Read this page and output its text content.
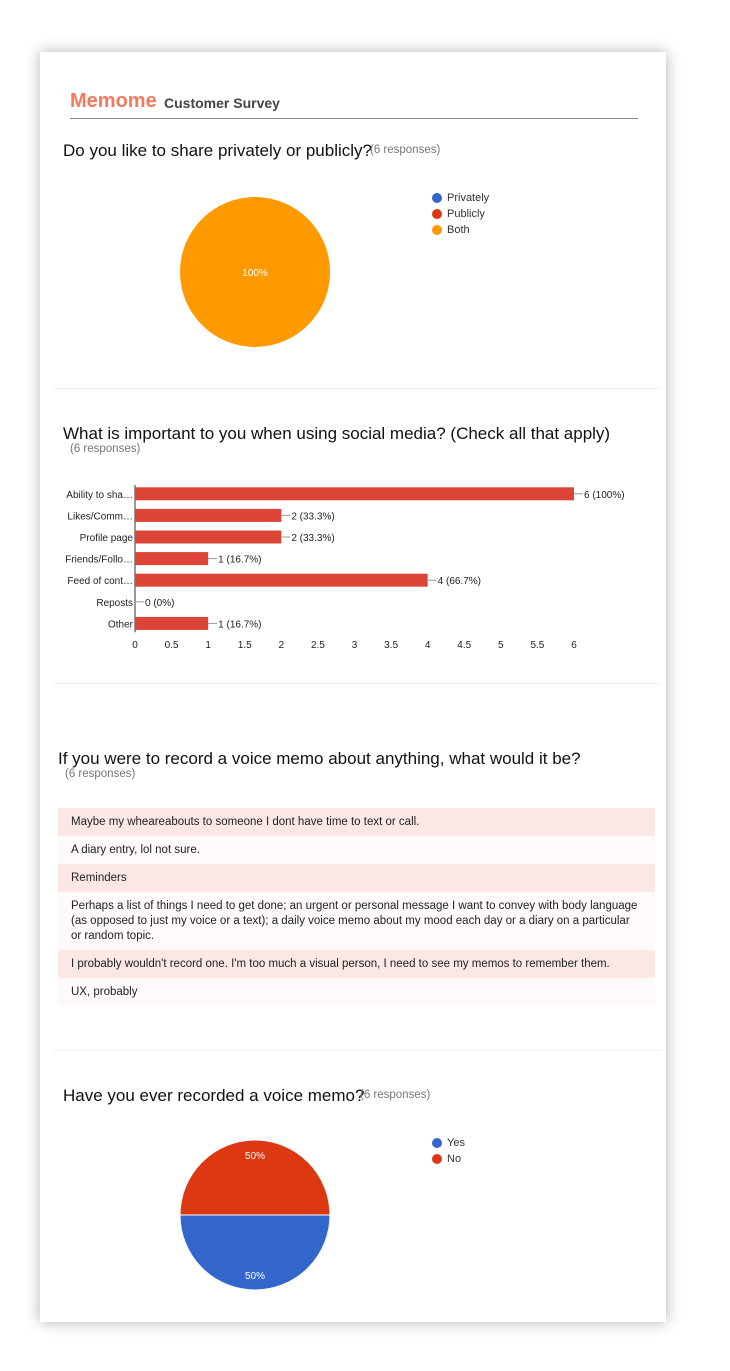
Memome Customer Survey
Do you like to share privately or publicly?
(6 responses)
100%
Privately
Publicly
Both
What is important to you when using social media? (Check all that apply)
(6 responses)
Ability to sha…	6 (100%)
Likes/Comm…	2 (33.3%)
Profile page	2 (33.3%)
Friends/Follo…	1 (16.7%)
Feed of cont…	4 (66.7%)
Reposts 0 (0%)
Other	1 (16.7%)
0	0.5	1	1.5	2	2.5	3	3.5	4	4.5	5	5.5	6
If you were to record a voice memo about anything, what would it be?
(6 responses)
Maybe my wheareabouts to someone I dont have time to text or call.
A diary entry, lol not sure.
Reminders
Perhaps a list of things I need to get done; an urgent or personal message I want to convey with body language (as opposed to just my voice or a text); a daily voice memo about my mood each day or a diary on a particular or random topic.
I probably wouldn't record one. I'm too much a visual person, I need to see my memos to remember them.
UX, probably
Have you ever recorded a voice memo?
(6 responses)
50%
50%
Yes
No
